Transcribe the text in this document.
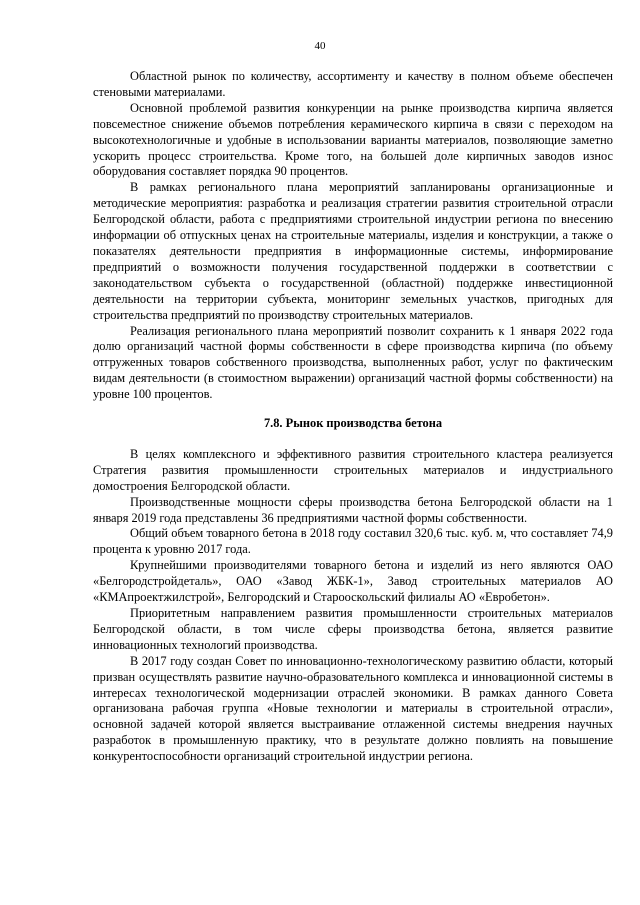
40

Областной рынок по количеству, ассортименту и качеству в полном объеме обеспечен стеновыми материалами.

Основной проблемой развития конкуренции на рынке производства кирпича является повсеместное снижение объемов потребления керамического кирпича в связи с переходом на высокотехнологичные и удобные в использовании варианты материалов, позволяющие заметно ускорить процесс строительства. Кроме того, на большей доле кирпичных заводов износ оборудования составляет порядка 90 процентов.

В рамках регионального плана мероприятий запланированы организационные и методические мероприятия: разработка и реализация стратегии развития строительной отрасли Белгородской области, работа с предприятиями строительной индустрии региона по внесению информации об отпускных ценах на строительные материалы, изделия и конструкции, а также о показателях деятельности предприятия в информационные системы, информирование предприятий о возможности получения государственной поддержки в соответствии с законодательством субъекта о государственной (областной) поддержке инвестиционной деятельности на территории субъекта, мониторинг земельных участков, пригодных для строительства предприятий по производству строительных материалов.

Реализация регионального плана мероприятий позволит сохранить к 1 января 2022 года долю организаций частной формы собственности в сфере производства кирпича (по объему отгруженных товаров собственного производства, выполненных работ, услуг по фактическим видам деятельности (в стоимостном выражении) организаций частной формы собственности) на уровне 100 процентов.

7.8. Рынок производства бетона

В целях комплексного и эффективного развития строительного кластера реализуется Стратегия развития промышленности строительных материалов и индустриального домостроения Белгородской области.

Производственные мощности сферы производства бетона Белгородской области на 1 января 2019 года представлены 36 предприятиями частной формы собственности.

Общий объем товарного бетона в 2018 году составил 320,6 тыс. куб. м, что составляет 74,9 процента к уровню 2017 года.

Крупнейшими производителями товарного бетона и изделий из него являются ОАО «Белгородстройдеталь», ОАО «Завод ЖБК-1», Завод строительных материалов АО «КМАпроектжилстрой», Белгородский и Старооскольский филиалы АО «Евробетон».

Приоритетным направлением развития промышленности строительных материалов Белгородской области, в том числе сферы производства бетона, является развитие инновационных технологий производства.

В 2017 году создан Совет по инновационно-технологическому развитию области, который призван осуществлять развитие научно-образовательного комплекса и инновационной системы в интересах технологической модернизации отраслей экономики. В рамках данного Совета организована рабочая группа «Новые технологии и материалы в строительной отрасли», основной задачей которой является выстраивание отлаженной системы внедрения научных разработок в промышленную практику, что в результате должно повлиять на повышение конкурентоспособности организаций строительной индустрии региона.
